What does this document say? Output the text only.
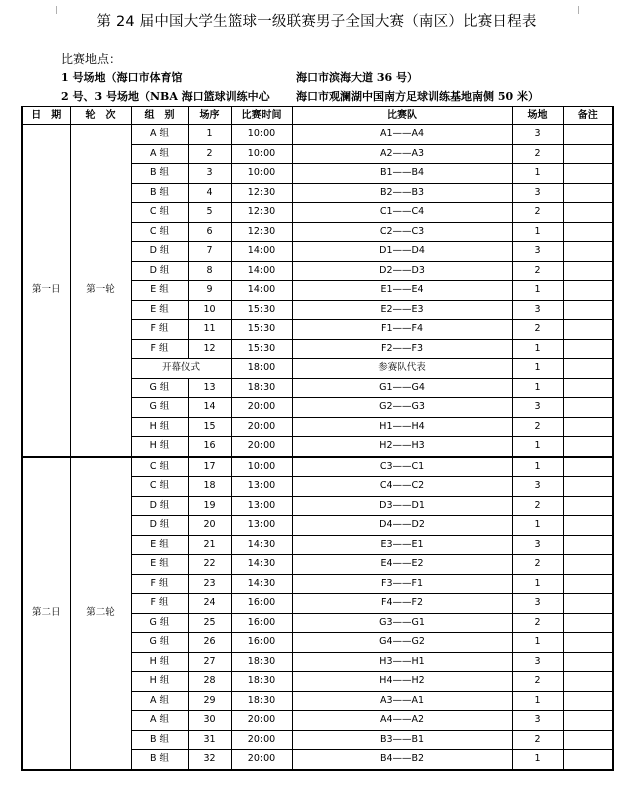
第 24 届中国大学生篮球一级联赛男子全国大赛（南区）比赛日程表
比赛地点：
1 号场地（海口市体育馆	海口市滨海大道 36 号）
2 号、3 号场地（NBA 海口篮球训练中心 海口市观澜湖中国南方足球训练基地南侧 50 米）
日　期	轮　次	组　别	场序	比赛时间	比赛队	场地	备注
第一日	第一轮	A 组	1	10:00	A1——A4	3	
		A 组	2	10:00	A2——A3	2	
		B 组	3	10:00	B1——B4	1	
		B 组	4	12:30	B2——B3	3	
		C 组	5	12:30	C1——C4	2	
		C 组	6	12:30	C2——C3	1	
		D 组	7	14:00	D1——D4	3	
		D 组	8	14:00	D2——D3	2	
		E 组	9	14:00	E1——E4	1	
		E 组	10	15:30	E2——E3	3	
		F 组	11	15:30	F1——F4	2	
		F 组	12	15:30	F2——F3	1	
		开幕仪式		18:00	参赛队代表	1	
		G 组	13	18:30	G1——G4	1	
		G 组	14	20:00	G2——G3	3	
		H 组	15	20:00	H1——H4	2	
		H 组	16	20:00	H2——H3	1	
第二日	第二轮	C 组	17	10:00	C3——C1	1	
		C 组	18	13:00	C4——C2	3	
		D 组	19	13:00	D3——D1	2	
		D 组	20	13:00	D4——D2	1	
		E 组	21	14:30	E3——E1	3	
		E 组	22	14:30	E4——E2	2	
		F 组	23	14:30	F3——F1	1	
		F 组	24	16:00	F4——F2	3	
		G 组	25	16:00	G3——G1	2	
		G 组	26	16:00	G4——G2	1	
		H 组	27	18:30	H3——H1	3	
		H 组	28	18:30	H4——H2	2	
		A 组	29	18:30	A3——A1	1	
		A 组	30	20:00	A4——A2	3	
		B 组	31	20:00	B3——B1	2	
		B 组	32	20:00	B4——B2	1	
